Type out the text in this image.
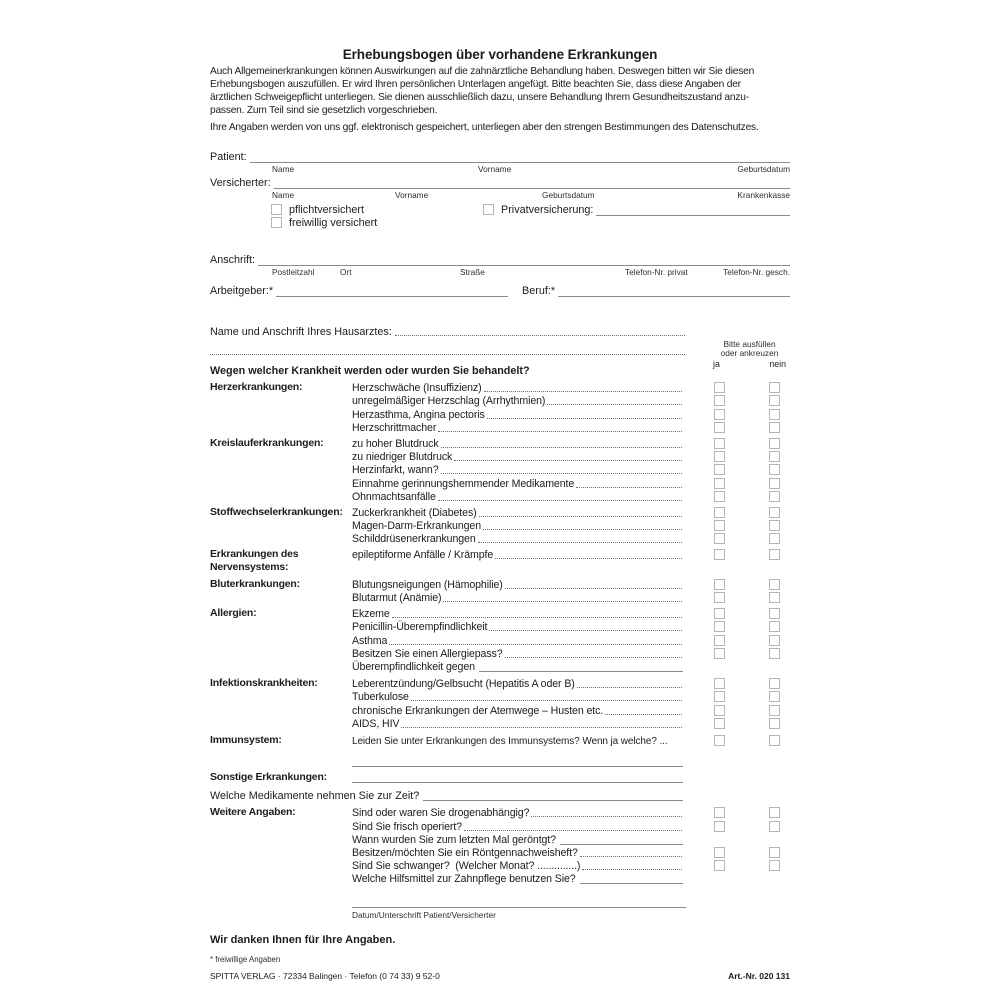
Erhebungsbogen über vorhandene Erkrankungen
Auch Allgemeinerkrankungen können Auswirkungen auf die zahnärztliche Behandlung haben. Deswegen bitten wir Sie diesen
Erhebungsbogen auszufüllen. Er wird Ihren persönlichen Unterlagen angefügt. Bitte beachten Sie, dass diese Angaben der
ärztlichen Schweigepflicht unterliegen. Sie dienen ausschließlich dazu, unsere Behandlung Ihrem Gesundheitszustand anzu-
passen. Zum Teil sind sie gesetzlich vorgeschrieben.
Ihre Angaben werden von uns ggf. elektronisch gespeichert, unterliegen aber den strengen Bestimmungen des Datenschutzes.
Patient:
Name	Vorname	Geburtsdatum
Versicherter:
Name	Vorname	Geburtsdatum	Krankenkasse
pflichtversichert	Privatversicherung:
freiwillig versichert
Anschrift:
Postleitzahl	Ort	Straße	Telefon-Nr. privat	Telefon-Nr. gesch.
Arbeitgeber:*	Beruf:*
Name und Anschrift Ihres Hausarztes:
Bitte ausfüllen
oder ankreuzen
ja	nein
Wegen welcher Krankheit werden oder wurden Sie behandelt?
Herzerkrankungen:	Herzschwäche (Insuffizienz)
unregelmäßiger Herzschlag (Arrhythmien)
Herzasthma, Angina pectoris
Herzschrittmacher
Kreislauferkrankungen:	zu hoher Blutdruck
zu niedriger Blutdruck
Herzinfarkt, wann?
Einnahme gerinnungshemmender Medikamente
Ohnmachtsanfälle
Stoffwechselerkrankungen: Zuckerkrankheit (Diabetes)
Magen-Darm-Erkrankungen
Schilddrüsenerkrankungen
Erkrankungen des Nervensystems:
epileptiforme Anfälle / Krämpfe
Bluterkrankungen:	Blutungsneigungen (Hämophilie)
Blutarmut (Anämie)
Allergien:	Ekzeme
Penicillin-Überempfindlichkeit
Asthma
Besitzen Sie einen Allergiepass?
Überempfindlichkeit gegen
Infektionskrankheiten:	Leberentzündung/Gelbsucht (Hepatitis A oder B)
Tuberkulose
chronische Erkrankungen der Atemwege – Husten etc.
AIDS, HIV
Immunsystem:	Leiden Sie unter Erkrankungen des Immunsystems? Wenn ja welche? ...
Sonstige Erkrankungen:
Welche Medikamente nehmen Sie zur Zeit?
Weitere Angaben:	Sind oder waren Sie drogenabhängig?
Sind Sie frisch operiert?
Wann wurden Sie zum letzten Mal geröntgt?
Besitzen/möchten Sie ein Röntgennachweisheft?
Sind Sie schwanger?  (Welcher Monat? ..............)
Welche Hilfsmittel zur Zahnpflege benutzen Sie?
Datum/Unterschrift Patient/Versicherter
Wir danken Ihnen für Ihre Angaben.
* freiwillige Angaben
SPITTA VERLAG · 72334 Balingen · Telefon (0 74 33) 9 52-0	Art.-Nr. 020 131
